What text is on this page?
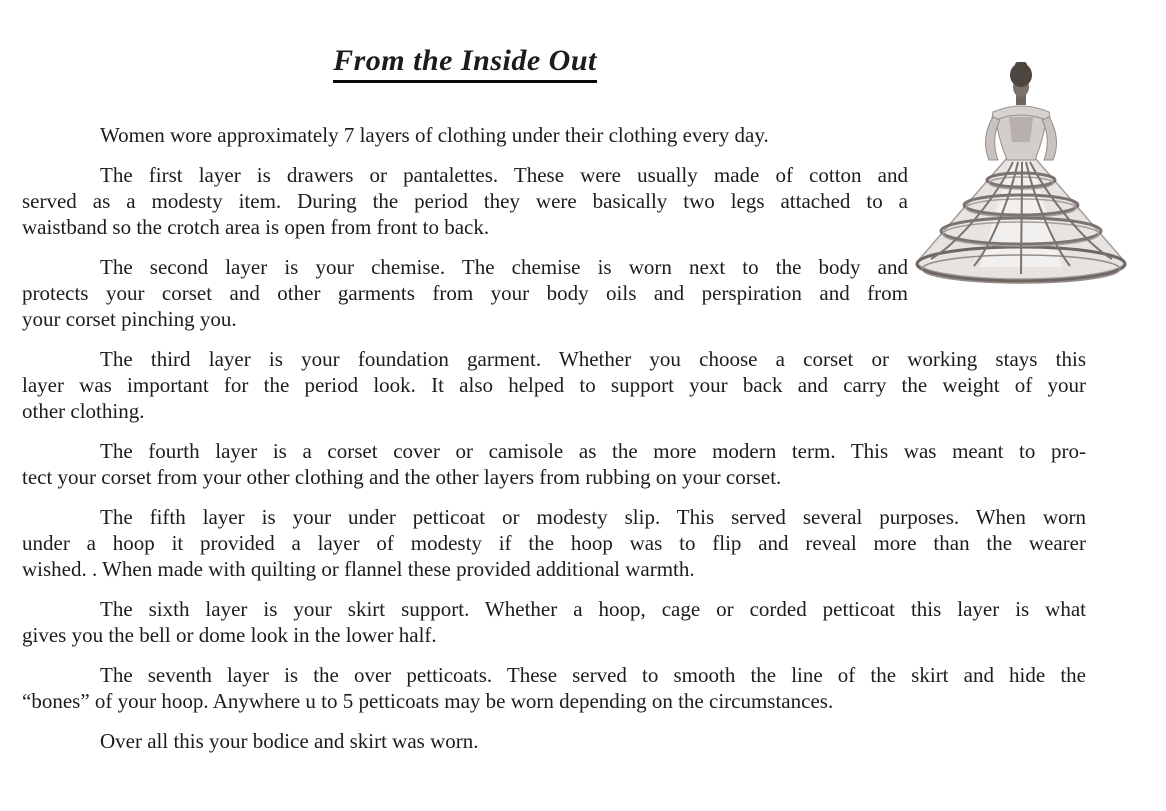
From the Inside Out

Women wore approximately 7 layers of clothing under their clothing every day.

The first layer is drawers or pantalettes. These were usually made of cotton and
served as a modesty item. During the period they were basically two legs attached to a
waistband so the crotch area is open from front to back.

The second layer is your chemise. The chemise is worn next to the body and
protects your corset and other garments from your body oils and perspiration and from
your corset pinching you.

The third layer is your foundation garment. Whether you choose a corset or working stays this
layer was important for the period look. It also helped to support your back and carry the weight of your
other clothing.

The fourth layer is a corset cover or camisole as the more modern term. This was meant to pro-
tect your corset from your other clothing and the other layers from rubbing on your corset.

The fifth layer is your under petticoat or modesty slip. This served several purposes. When worn
under a hoop it provided a layer of modesty if the hoop was to flip and reveal more than the wearer
wished. . When made with quilting or flannel these provided additional warmth.

The sixth layer is your skirt support. Whether a hoop, cage or corded petticoat this layer is what
gives you the bell or dome look in the lower half.

The seventh layer is the over petticoats. These served to smooth the line of the skirt and hide the
“bones” of your hoop. Anywhere u to 5 petticoats may be worn depending on the circumstances.

Over all this your bodice and skirt was worn.
